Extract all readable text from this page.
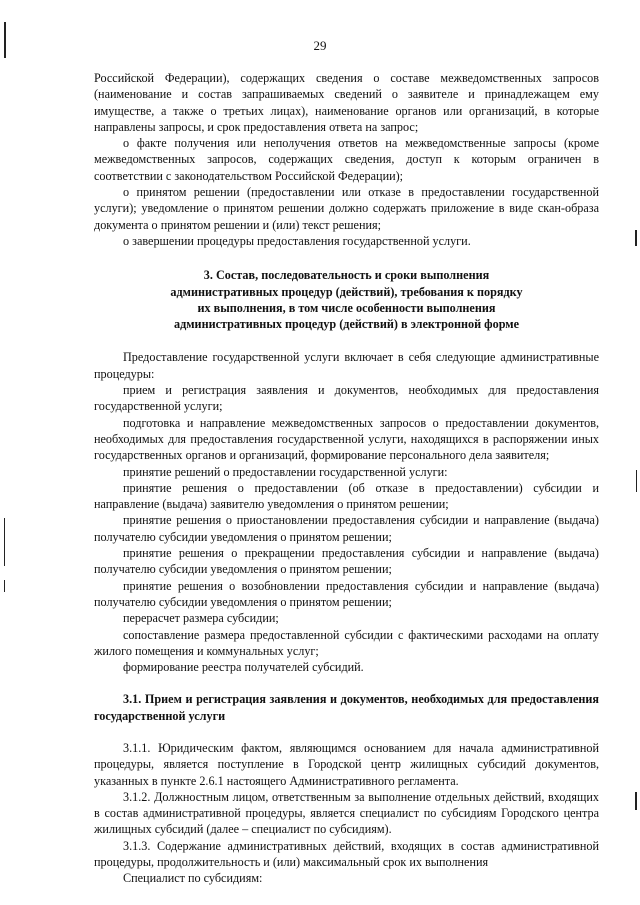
29

Российской Федерации), содержащих сведения о составе межведомственных запросов (наименование и состав запрашиваемых сведений о заявителе и принадлежащем ему имуществе, а также о третьих лицах), наименование органов или организаций, в которые направлены запросы, и срок предоставления ответа на запрос;

о факте получения или неполучения ответов на межведомственные запросы (кроме межведомственных запросов, содержащих сведения, доступ к которым ограничен в соответствии с законодательством Российской Федерации);

о принятом решении (предоставлении или отказе в предоставлении государственной услуги); уведомление о принятом решении должно содержать приложение в виде скан-образа документа о принятом решении и (или) текст решения;

о завершении процедуры предоставления государственной услуги.

3. Состав, последовательность и сроки выполнения
административных процедур (действий), требования к порядку
их выполнения, в том числе особенности выполнения
административных процедур (действий) в электронной форме

Предоставление государственной услуги включает в себя следующие административные процедуры:

прием и регистрация заявления и документов, необходимых для предоставления государственной услуги;

подготовка и направление межведомственных запросов о предоставлении документов, необходимых для предоставления государственной услуги, находящихся в распоряжении иных государственных органов и организаций, формирование персонального дела заявителя;

принятие решений о предоставлении государственной услуги:

принятие решения о предоставлении (об отказе в предоставлении) субсидии и направление (выдача) заявителю уведомления о принятом решении;

принятие решения о приостановлении предоставления субсидии и направление (выдача) получателю субсидии уведомления о принятом решении;

принятие решения о прекращении предоставления субсидии и направление (выдача) получателю субсидии уведомления о принятом решении;

принятие решения о возобновлении предоставления субсидии и направление (выдача) получателю субсидии уведомления о принятом решении;

перерасчет размера субсидии;

сопоставление размера предоставленной субсидии с фактическими расходами на оплату жилого помещения и коммунальных услуг;

формирование реестра получателей субсидий.

3.1. Прием и регистрация заявления и документов, необходимых для предоставления государственной услуги

3.1.1. Юридическим фактом, являющимся основанием для начала административной процедуры, является поступление в Городской центр жилищных субсидий документов, указанных в пункте 2.6.1 настоящего Административного регламента.

3.1.2. Должностным лицом, ответственным за выполнение отдельных действий, входящих в состав административной процедуры, является специалист по субсидиям Городского центра жилищных субсидий (далее – специалист по субсидиям).

3.1.3. Содержание административных действий, входящих в состав административной процедуры, продолжительность и (или) максимальный срок их выполнения

Специалист по субсидиям:
